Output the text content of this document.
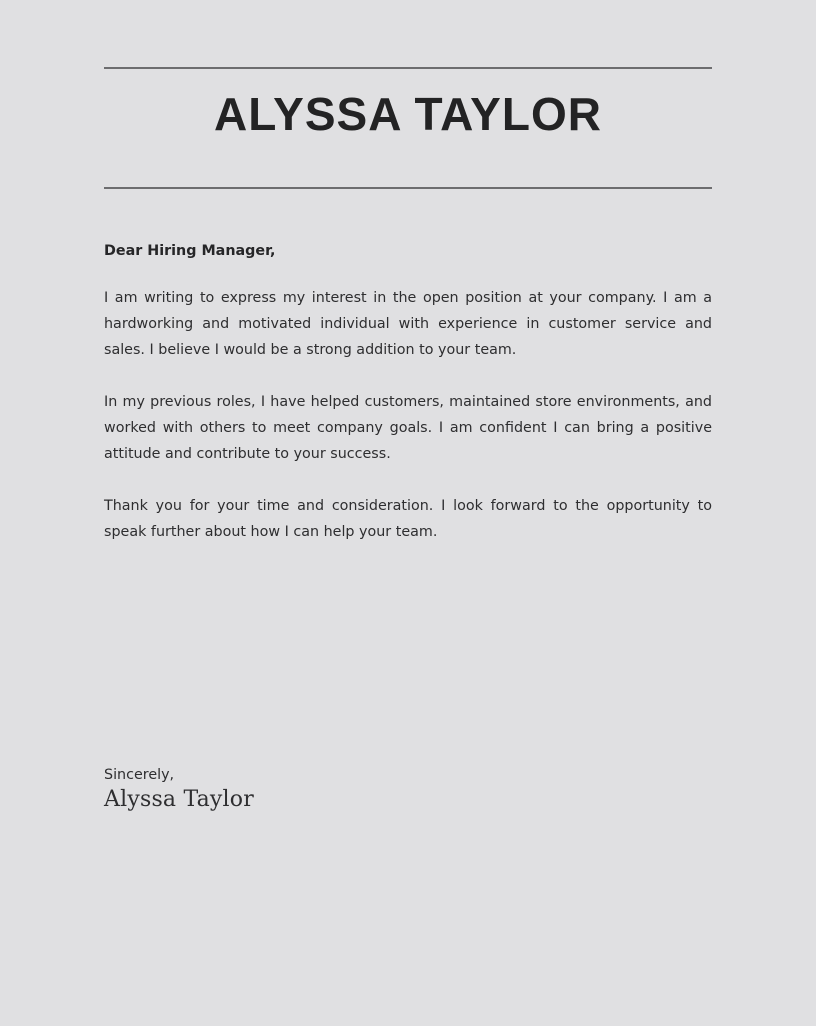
ALYSSA TAYLOR

Dear Hiring Manager,

I am writing to express my interest in the open position at your company. I am a hardworking and motivated individual with experience in customer service and sales. I believe I would be a strong addition to your team.

In my previous roles, I have helped customers, maintained store environments, and worked with others to meet company goals. I am confident I can bring a positive attitude and contribute to your success.

Thank you for your time and consideration. I look forward to the opportunity to speak further about how I can help your team.

Sincerely,

Alyssa Taylor
